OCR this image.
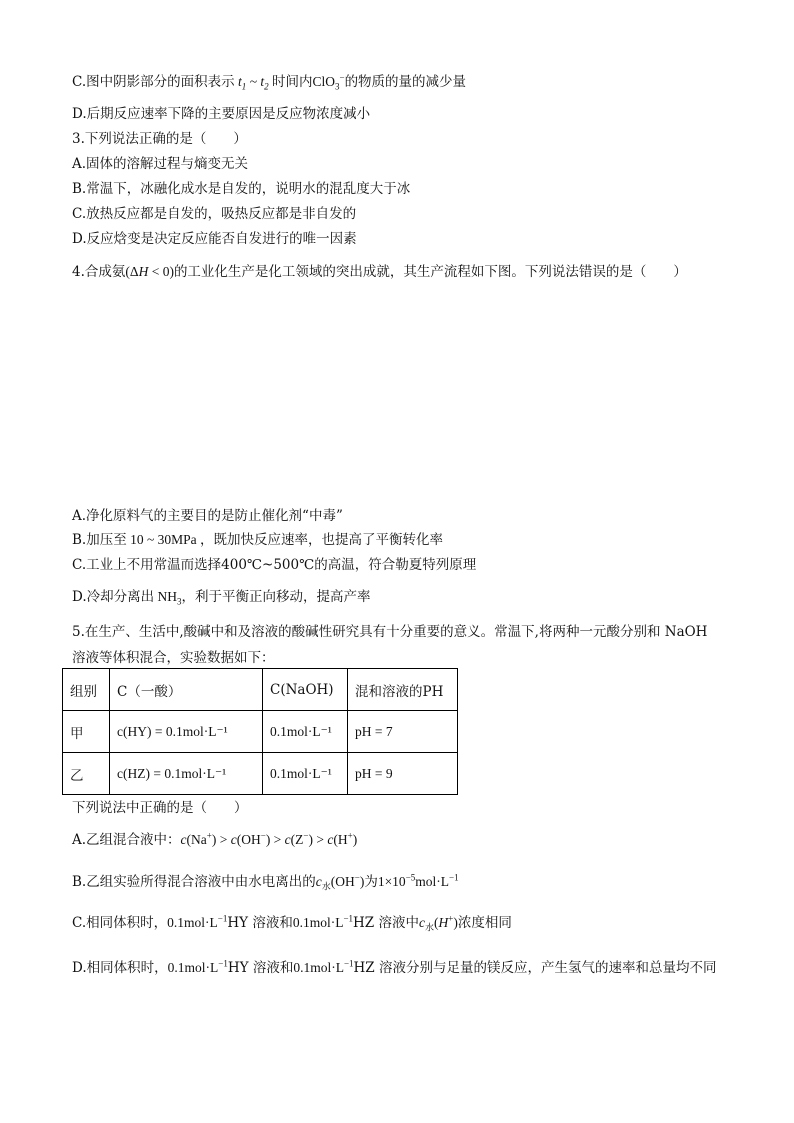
C.图中阴影部分的面积表示 $t_1$ ~ $t_2$ 时间内ClO$_3$−的物质的量的减少量
D.后期反应速率下降的主要原因是反应物浓度减小
3.下列说法正确的是（　　）
A.固体的溶解过程与熵变无关
B.常温下，冰融化成水是自发的，说明水的混乱度大于冰
C.放热反应都是自发的，吸热反应都是非自发的
D.反应焓变是决定反应能否自发进行的唯一因素
4.合成氨(ΔH < 0)的工业化生产是化工领域的突出成就，其生产流程如下图。下列说法错误的是（　　）
A.净化原料气的主要目的是防止催化剂“中毒”
B.加压至 10 ~ 30MPa ，既加快反应速率，也提高了平衡转化率
C.工业上不用常温而选择400℃~500℃的高温，符合勒夏特列原理
D.冷却分离出 $NH_3$，利于平衡正向移动，提高产率
5.在生产、生活中,酸碱中和及溶液的酸碱性研究具有十分重要的意义。常温下,将两种一元酸分别和 NaOH 溶液等体积混合，实验数据如下：
组别	C（一酸）	C(NaOH)	混和溶液的PH
甲	c(HY) = 0.1mol·L⁻¹	0.1mol·L⁻¹	pH = 7
乙	c(HZ) = 0.1mol·L⁻¹	0.1mol·L⁻¹	pH = 9
下列说法中正确的是（　　）
A.乙组混合液中：c(Na+) > c(OH−) > c(Z−) > c(H+)
B.乙组实验所得混合溶液中由水电离出的$c_水(OH^-)$为$1\times 10^{-5}mol\cdot L^{-1}$
C.相同体积时，$0.1mol\cdot L^{-1}HY$ 溶液和$0.1mol\cdot L^{-1}HZ$ 溶液中$c_水(H^+)$浓度相同
D.相同体积时，$0.1mol\cdot L^{-1}HY$ 溶液和$0.1mol\cdot L^{-1}HZ$ 溶液分别与足量的镁反应，产生氢气的速率和总量均不同
